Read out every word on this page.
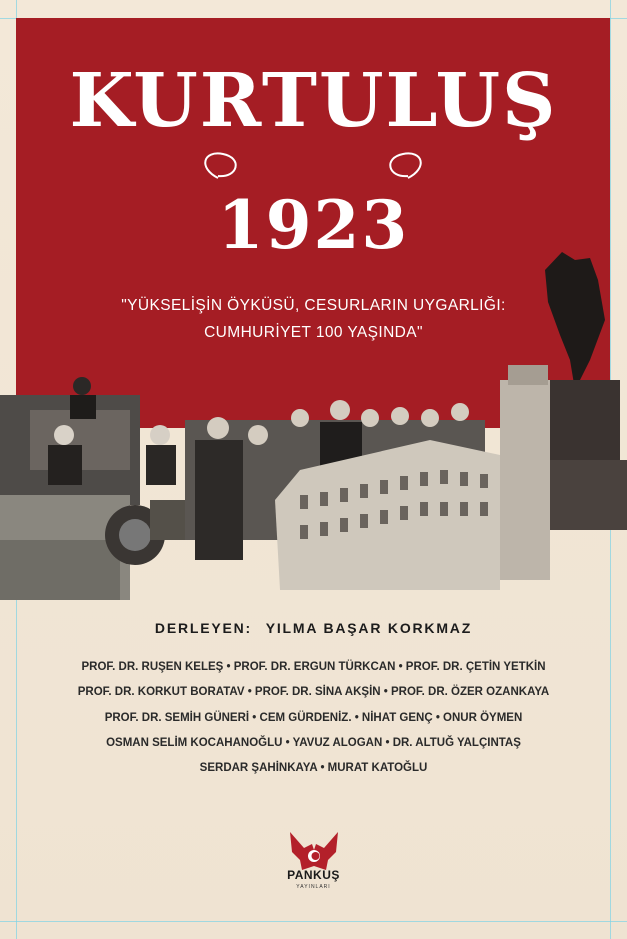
KURTULUŞ
1923
"YÜKSELİŞİN ÖYKÜSÜ, CESURLARIN UYGARLIĞI:
CUMHURİYET 100 YAŞINDA"
DERLEYEN: YILMA BAŞAR KORKMAZ
PROF. DR. RUŞEN KELEŞ • PROF. DR. ERGUN TÜRKCAN • PROF. DR. ÇETİN YETKİN
PROF. DR. KORKUT BORATAV • PROF. DR. SİNA AKŞİN • PROF. DR. ÖZER OZANKAYA
PROF. DR. SEMİH GÜNERİ • CEM GÜRDENİZ. • NİHAT GENÇ • ONUR ÖYMEN
OSMAN SELİM KOCAHANOĞLU • YAVUZ ALOGAN • DR. ALTUĞ YALÇINTAŞ
SERDAR ŞAHİNKAYA • MURAT KATOĞLU
PANKUŞ
YAYINLARI
